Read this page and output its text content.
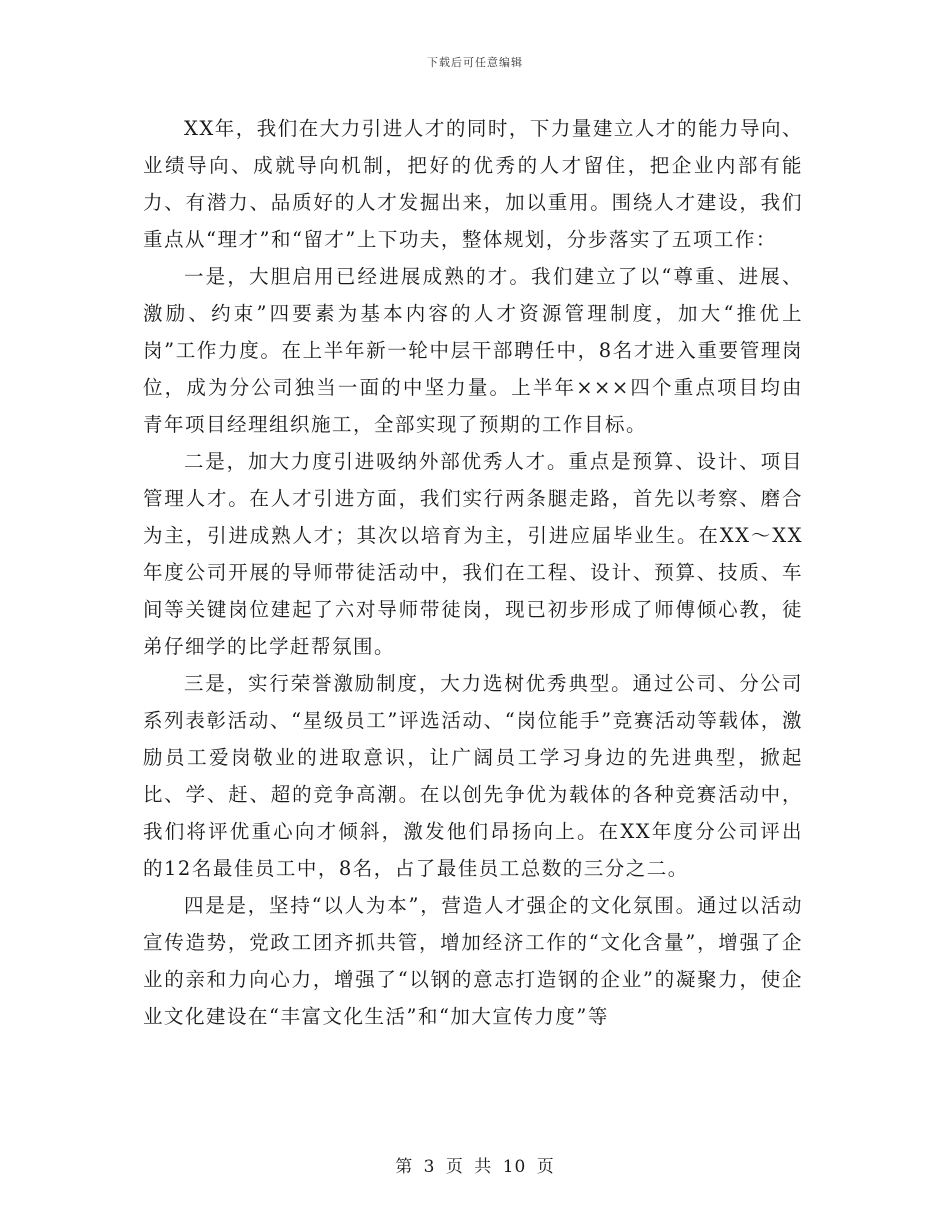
下载后可任意编辑

XX年，我们在大力引进人才的同时，下力量建立人才的能力导向、业绩导向、成就导向机制，把好的优秀的人才留住，把企业内部有能力、有潜力、品质好的人才发掘出来，加以重用。围绕人才建设，我们重点从“理才”和“留才”上下功夫，整体规划，分步落实了五项工作：

一是，大胆启用已经进展成熟的才。我们建立了以“尊重、进展、激励、约束”四要素为基本内容的人才资源管理制度，加大“推优上岗”工作力度。在上半年新一轮中层干部聘任中，8名才进入重要管理岗位，成为分公司独当一面的中坚力量。上半年×××四个重点项目均由青年项目经理组织施工，全部实现了预期的工作目标。

二是，加大力度引进吸纳外部优秀人才。重点是预算、设计、项目管理人才。在人才引进方面，我们实行两条腿走路，首先以考察、磨合为主，引进成熟人才；其次以培育为主，引进应届毕业生。在XX～XX年度公司开展的导师带徒活动中，我们在工程、设计、预算、技质、车间等关键岗位建起了六对导师带徒岗，现已初步形成了师傅倾心教，徒弟仔细学的比学赶帮氛围。

三是，实行荣誉激励制度，大力选树优秀典型。通过公司、分公司系列表彰活动、“星级员工”评选活动、“岗位能手”竞赛活动等载体，激励员工爱岗敬业的进取意识，让广阔员工学习身边的先进典型，掀起比、学、赶、超的竞争高潮。在以创先争优为载体的各种竞赛活动中，我们将评优重心向才倾斜，激发他们昂扬向上。在XX年度分公司评出的12名最佳员工中，8名，占了最佳员工总数的三分之二。

四是是，坚持“以人为本”，营造人才强企的文化氛围。通过以活动宣传造势，党政工团齐抓共管，增加经济工作的“文化含量”，增强了企业的亲和力向心力，增强了“以钢的意志打造钢的企业”的凝聚力，使企业文化建设在“丰富文化生活”和“加大宣传力度”等

第 3 页 共 10 页
